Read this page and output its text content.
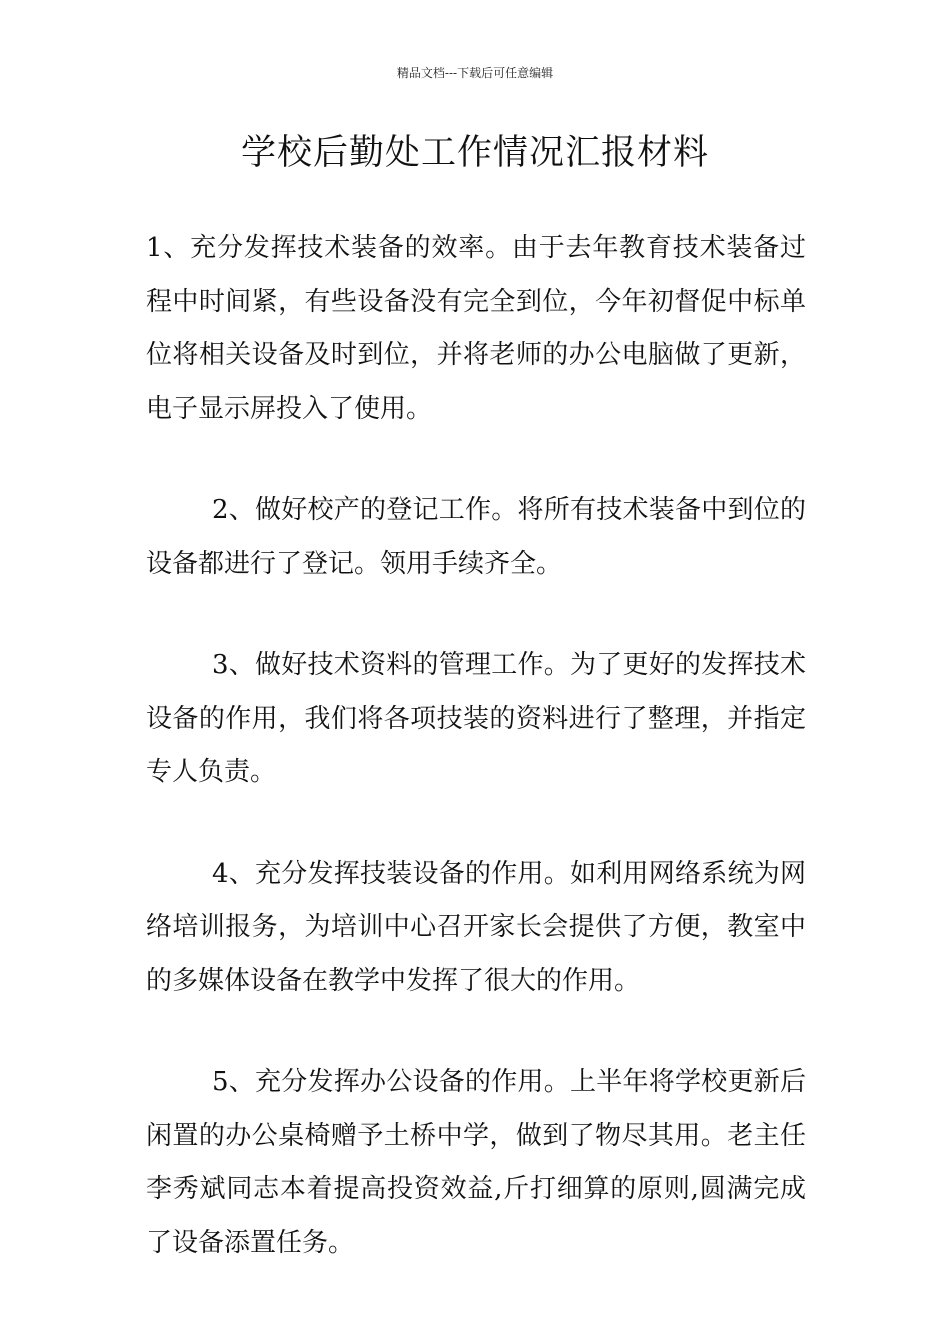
精品文档---下载后可任意编辑
学校后勤处工作情况汇报材料

1、充分发挥技术装备的效率。由于去年教育技术装备过程中时间紧，有些设备没有完全到位，今年初督促中标单位将相关设备及时到位，并将老师的办公电脑做了更新，电子显示屏投入了使用。

2、做好校产的登记工作。将所有技术装备中到位的设备都进行了登记。领用手续齐全。

3、做好技术资料的管理工作。为了更好的发挥技术设备的作用，我们将各项技装的资料进行了整理，并指定专人负责。

4、充分发挥技装设备的作用。如利用网络系统为网络培训报务，为培训中心召开家长会提供了方便，教室中的多媒体设备在教学中发挥了很大的作用。

5、充分发挥办公设备的作用。上半年将学校更新后闲置的办公桌椅赠予土桥中学，做到了物尽其用。老主任李秀斌同志本着提高投资效益,斤打细算的原则,圆满完成了设备添置任务。
